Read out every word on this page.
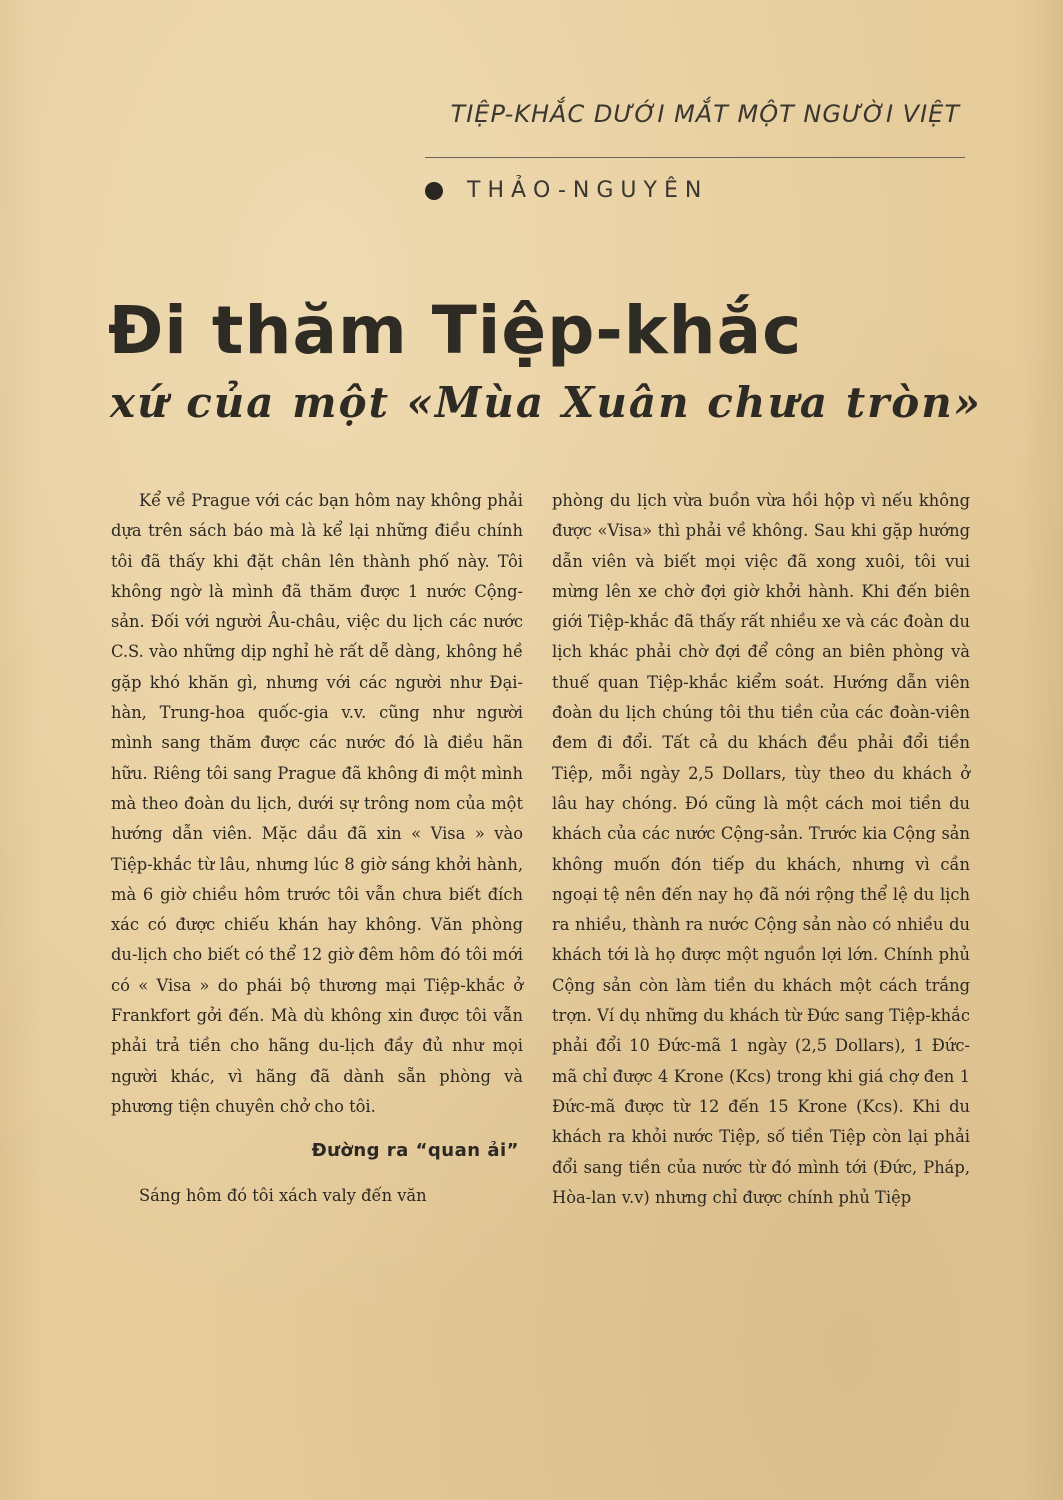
TIỆP-KHẮC DƯỚI MẮT MỘT NGƯỜI VIỆT
THẢO-NGUYÊN
Đi thăm Tiệp-khắc
xứ của một «Mùa Xuân chưa tròn»

Kể về Prague với các bạn hôm nay không phải dựa trên sách báo mà là kể lại những điều chính tôi đã thấy khi đặt chân lên thành phố này. Tôi không ngờ là mình đã thăm được 1 nước Cộng-sản. Đối với người Âu-châu, việc du lịch các nước C.S. vào những dịp nghỉ hè rất dễ dàng, không hề gặp khó khăn gì, nhưng với các người như Đại-hàn, Trung-hoa quốc-gia v.v. cũng như người mình sang thăm được các nước đó là điều hãn hữu. Riêng tôi sang Prague đã không đi một mình mà theo đoàn du lịch, dưới sự trông nom của một hướng dẫn viên. Mặc dầu đã xin « Visa » vào Tiệp-khắc từ lâu, nhưng lúc 8 giờ sáng khởi hành, mà 6 giờ chiều hôm trước tôi vẫn chưa biết đích xác có được chiếu khán hay không. Văn phòng du-lịch cho biết có thể 12 giờ đêm hôm đó tôi mới có « Visa » do phái bộ thương mại Tiệp-khắc ở Frankfort gởi đến. Mà dù không xin được tôi vẫn phải trả tiền cho hãng du-lịch đầy đủ như mọi người khác, vì hãng đã dành sẵn phòng và phương tiện chuyên chở cho tôi.

Đường ra “quan ải”

Sáng hôm đó tôi xách valy đến văn

phòng du lịch vừa buồn vừa hồi hộp vì nếu không được «Visa» thì phải về không. Sau khi gặp hướng dẫn viên và biết mọi việc đã xong xuôi, tôi vui mừng lên xe chờ đợi giờ khởi hành. Khi đến biên giới Tiệp-khắc đã thấy rất nhiều xe và các đoàn du lịch khác phải chờ đợi để công an biên phòng và thuế quan Tiệp-khắc kiểm soát. Hướng dẫn viên đoàn du lịch chúng tôi thu tiền của các đoàn-viên đem đi đổi. Tất cả du khách đều phải đổi tiền Tiệp, mỗi ngày 2,5 Dollars, tùy theo du khách ở lâu hay chóng. Đó cũng là một cách moi tiền du khách của các nước Cộng-sản. Trước kia Cộng sản không muốn đón tiếp du khách, nhưng vì cần ngoại tệ nên đến nay họ đã nới rộng thể lệ du lịch ra nhiều, thành ra nước Cộng sản nào có nhiều du khách tới là họ được một nguồn lợi lớn. Chính phủ Cộng sản còn làm tiền du khách một cách trắng trợn. Ví dụ những du khách từ Đức sang Tiệp-khắc phải đổi 10 Đức-mã 1 ngày (2,5 Dollars), 1 Đức-mã chỉ được 4 Krone (Kcs) trong khi giá chợ đen 1 Đức-mã được từ 12 đến 15 Krone (Kcs). Khi du khách ra khỏi nước Tiệp, số tiền Tiệp còn lại phải đổi sang tiền của nước từ đó mình tới (Đức, Pháp, Hòa-lan v.v) nhưng chỉ được chính phủ Tiệp
